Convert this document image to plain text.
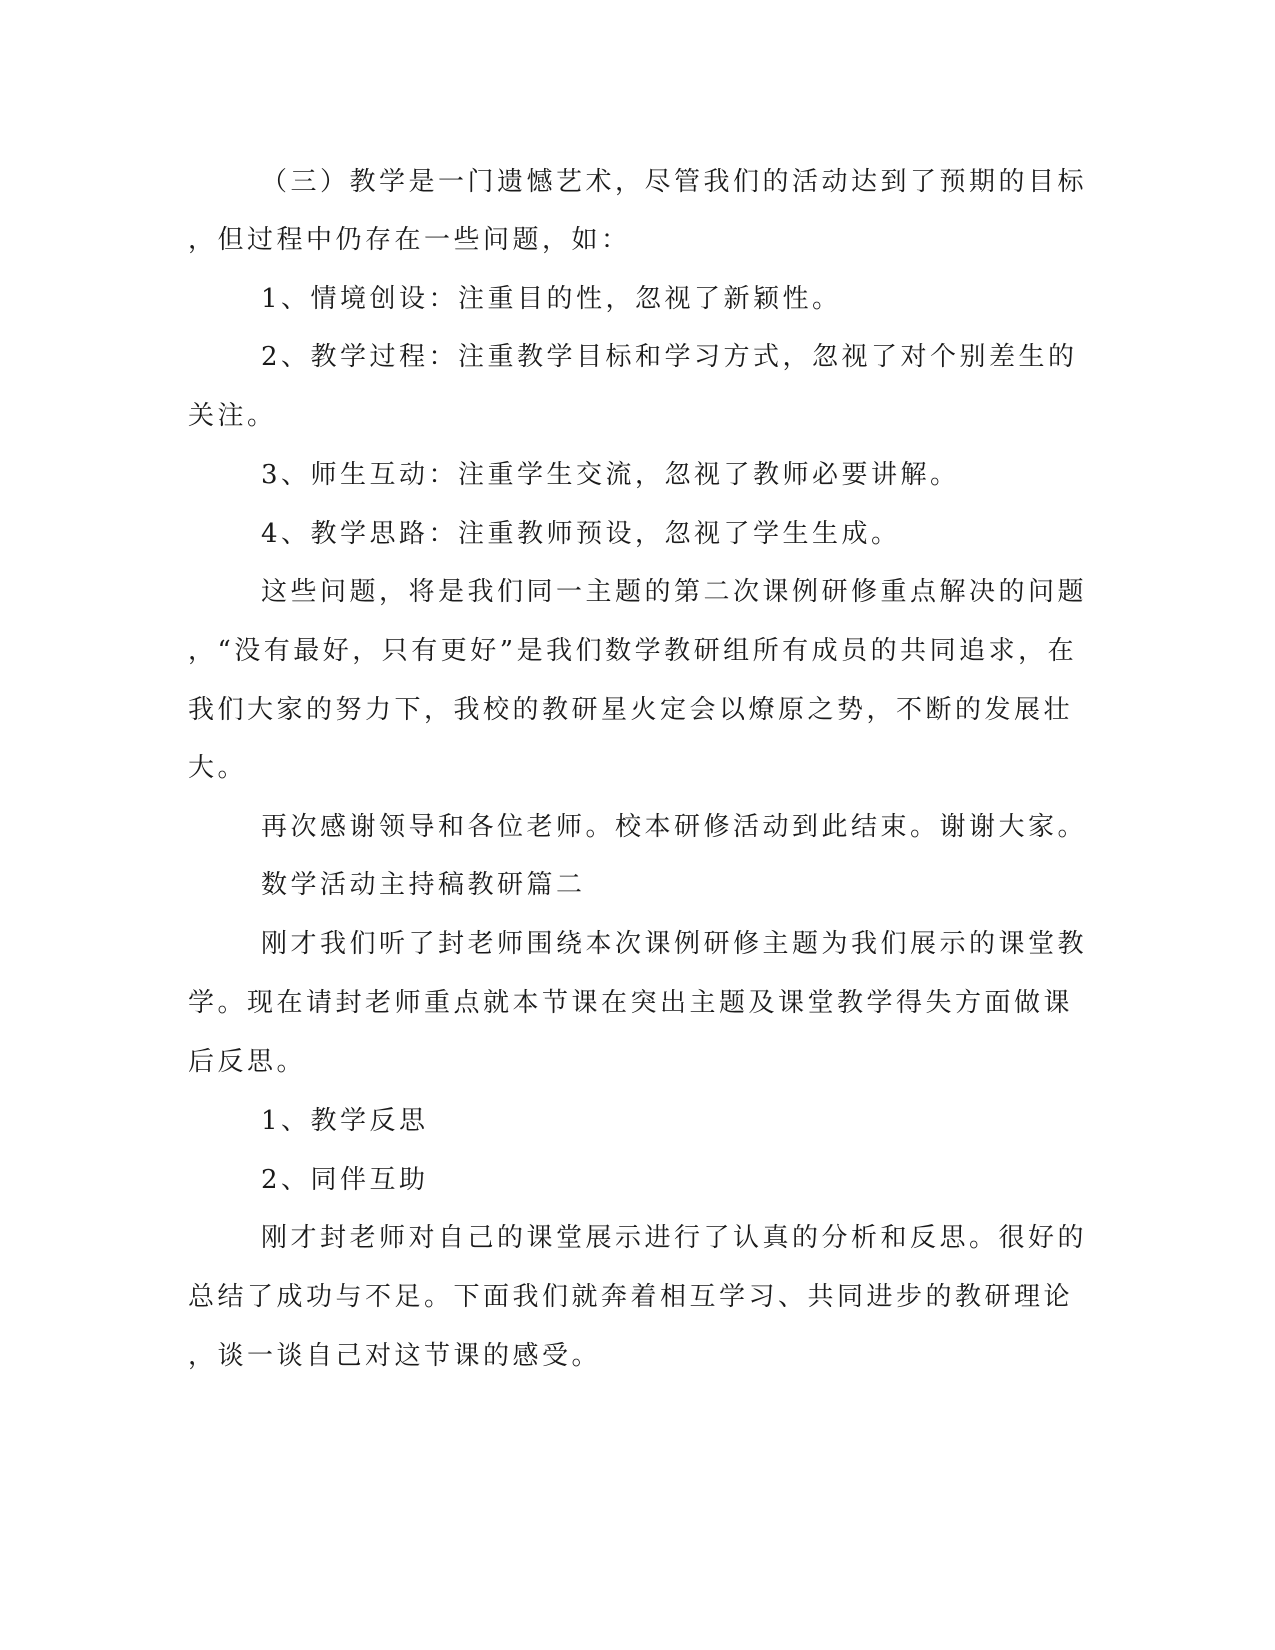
（三）教学是一门遗憾艺术，尽管我们的活动达到了预期的目标
，但过程中仍存在一些问题，如：
1、情境创设：注重目的性，忽视了新颖性。
2、教学过程：注重教学目标和学习方式，忽视了对个别差生的
关注。
3、师生互动：注重学生交流，忽视了教师必要讲解。
4、教学思路：注重教师预设，忽视了学生生成。
这些问题，将是我们同一主题的第二次课例研修重点解决的问题
，“没有最好，只有更好”是我们数学教研组所有成员的共同追求，在
我们大家的努力下，我校的教研星火定会以燎原之势，不断的发展壮
大。
再次感谢领导和各位老师。校本研修活动到此结束。谢谢大家。
数学活动主持稿教研篇二
刚才我们听了封老师围绕本次课例研修主题为我们展示的课堂教
学。现在请封老师重点就本节课在突出主题及课堂教学得失方面做课
后反思。
1、教学反思
2、同伴互助
刚才封老师对自己的课堂展示进行了认真的分析和反思。很好的
总结了成功与不足。下面我们就奔着相互学习、共同进步的教研理论
，谈一谈自己对这节课的感受。
